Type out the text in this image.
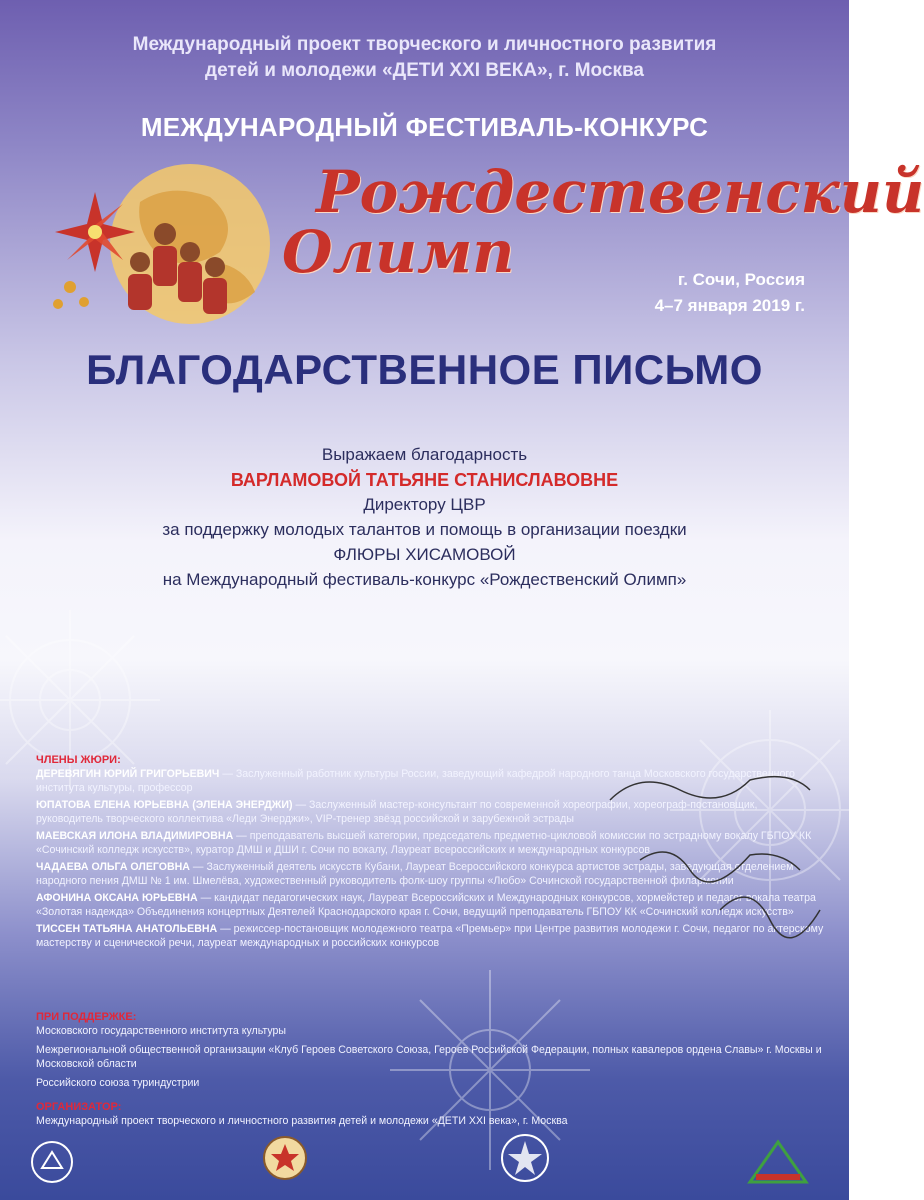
Международный проект творческого и личностного развития
детей и молодежи «ДЕТИ XXI ВЕКА», г. Москва
МЕЖДУНАРОДНЫЙ ФЕСТИВАЛЬ-КОНКУРС
Рождественский
Олимп	г. Сочи, Россия
4–7 января 2019 г.
БЛАГОДАРСТВЕННОЕ ПИСЬМО
Выражаем благодарность
ВАРЛАМОВОЙ ТАТЬЯНЕ СТАНИСЛАВОВНЕ
Директору ЦВР
за поддержку молодых талантов и помощь в организации поездки
ФЛЮРЫ ХИСАМОВОЙ
на Международный фестиваль-конкурс «Рождественский Олимп»
ЧЛЕНЫ ЖЮРИ:
ДЕРЕВЯГИН ЮРИЙ ГРИГОРЬЕВИЧ — Заслуженный работник культуры России, заведующий кафедрой народного танца Московского государственного института культуры, профессор
ЮПАТОВА ЕЛЕНА ЮРЬЕВНА (ЭЛЕНА ЭНЕРДЖИ) — Заслуженный мастер-консультант по современной хореографии, хореограф-постановщик, руководитель творческого коллектива «Леди Энерджи», VIP-тренер звёзд российской и зарубежной эстрады
МАЕВСКАЯ ИЛОНА ВЛАДИМИРОВНА — преподаватель высшей категории, председатель предметно-цикловой комиссии по эстрадному вокалу ГБПОУ КК «Сочинский колледж искусств», куратор ДМШ и ДШИ г. Сочи по вокалу, Лауреат всероссийских и международных конкурсов
ЧАДАЕВА ОЛЬГА ОЛЕГОВНА — Заслуженный деятель искусств Кубани, Лауреат Всероссийского конкурса артистов эстрады, заведующая отделением народного пения ДМШ № 1 им. Шмелёва, художественный руководитель фолк-шоу группы «Любо» Сочинской государственной филармонии
АФОНИНА ОКСАНА ЮРЬЕВНА — кандидат педагогических наук, Лауреат Всероссийских и Международных конкурсов, хормейстер и педагог вокала театра «Золотая надежда» Объединения концертных Деятелей Краснодарского края г. Сочи, ведущий преподаватель ГБПОУ КК «Сочинский колледж искусств»
ТИССЕН ТАТЬЯНА АНАТОЛЬЕВНА — режиссер-постановщик молодежного театра «Премьер» при Центре развития молодежи г. Сочи, педагог по актерскому мастерству и сценической речи, лауреат международных и российских конкурсов
ПРИ ПОДДЕРЖКЕ:
Московского государственного института культуры
Межрегиональной общественной организации «Клуб Героев Советского Союза, Героев Российской Федерации, полных кавалеров ордена Славы» г. Москвы и Московской области
Российского союза туриндустрии
ОРГАНИЗАТОР:
Международный проект творческого и личностного развития детей и молодежи «ДЕТИ XXI века», г. Москва
